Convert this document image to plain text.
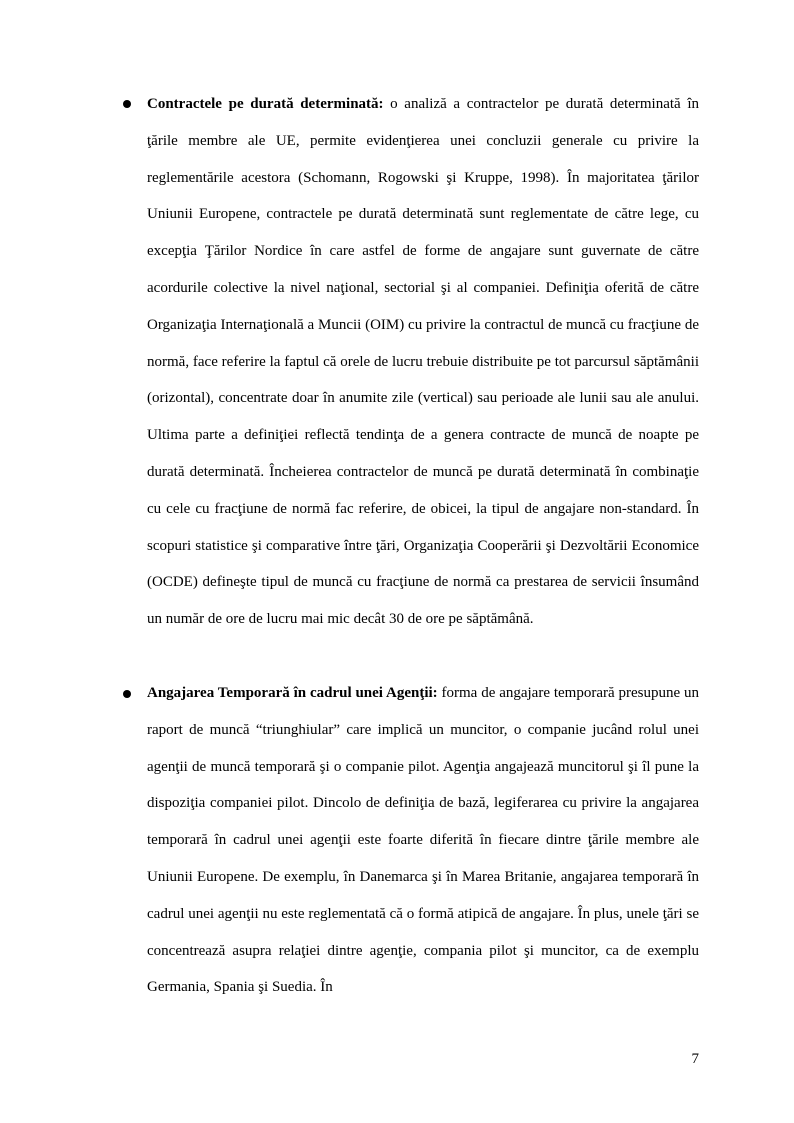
Contractele pe durată determinată: o analiză a contractelor pe durată determinată în ţările membre ale UE, permite evidenţierea unei concluzii generale cu privire la reglementările acestora (Schomann, Rogowski şi Kruppe, 1998). În majoritatea ţărilor Uniunii Europene, contractele pe durată determinată sunt reglementate de către lege, cu excepţia Ţărilor Nordice în care astfel de forme de angajare sunt guvernate de către acordurile colective la nivel naţional, sectorial şi al companiei. Definiţia oferită de către Organizaţia Internaţională a Muncii (OIM) cu privire la contractul de muncă cu fracţiune de normă, face referire la faptul că orele de lucru trebuie distribuite pe tot parcursul săptămânii (orizontal), concentrate doar în anumite zile (vertical) sau perioade ale lunii sau ale anului. Ultima parte a definiţiei reflectă tendinţa de a genera contracte de muncă de noapte pe durată determinată. Încheierea contractelor de muncă pe durată determinată în combinaţie cu cele cu fracţiune de normă fac referire, de obicei, la tipul de angajare non-standard. În scopuri statistice şi comparative între ţări, Organizaţia Cooperării şi Dezvoltării Economice (OCDE) defineşte tipul de muncă cu fracţiune de normă ca prestarea de servicii însumând un număr de ore de lucru mai mic decât 30 de ore pe săptămână.

Angajarea Temporară în cadrul unei Agenţii: forma de angajare temporară presupune un raport de muncă “triunghiular” care implică un muncitor, o companie jucând rolul unei agenţii de muncă temporară şi o companie pilot. Agenţia angajează muncitorul şi îl pune la dispoziţia companiei pilot. Dincolo de definiţia de bază, legiferarea cu privire la angajarea temporară în cadrul unei agenţii este foarte diferită în fiecare dintre ţările membre ale Uniunii Europene. De exemplu, în Danemarca şi în Marea Britanie, angajarea temporară în cadrul unei agenţii nu este reglementată că o formă atipică de angajare. În plus, unele ţări se concentrează asupra relaţiei dintre agenţie, compania pilot şi muncitor, ca de exemplu Germania, Spania şi Suedia. În

7
